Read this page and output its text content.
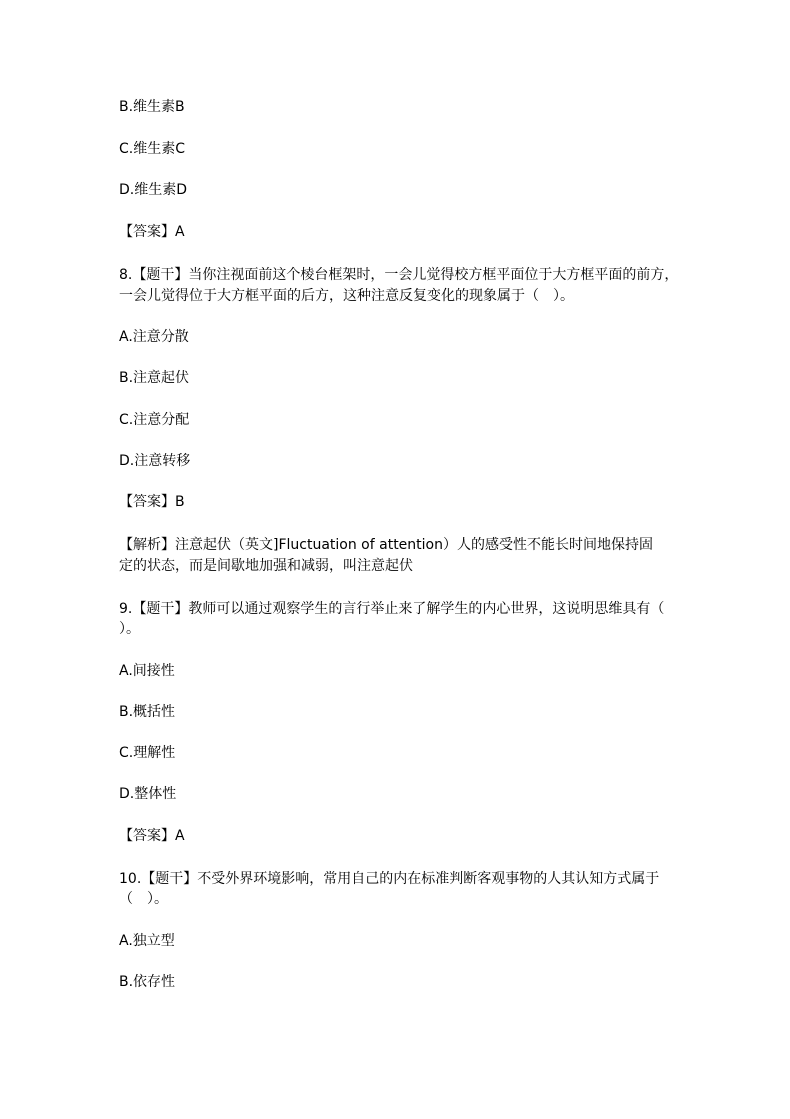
B.维生素B
C.维生素C
D.维生素D
【答案】A
8.【题干】当你注视面前这个棱台框架时，一会儿觉得校方框平面位于大方框平面的前方，
一会儿觉得位于大方框平面的后方，这种注意反复变化的现象属于（　）。
A.注意分散
B.注意起伏
C.注意分配
D.注意转移
【答案】B
【解析】注意起伏（英文]Fluctuation of attention）人的感受性不能长时间地保持固
定的状态，而是间歇地加强和减弱，叫注意起伏
9.【题干】教师可以通过观察学生的言行举止来了解学生的内心世界，这说明思维具有（
）。
A.间接性
B.概括性
C.理解性
D.整体性
【答案】A
10.【题干】不受外界环境影响，常用自己的内在标准判断客观事物的人其认知方式属于
（　）。
A.独立型
B.依存性
